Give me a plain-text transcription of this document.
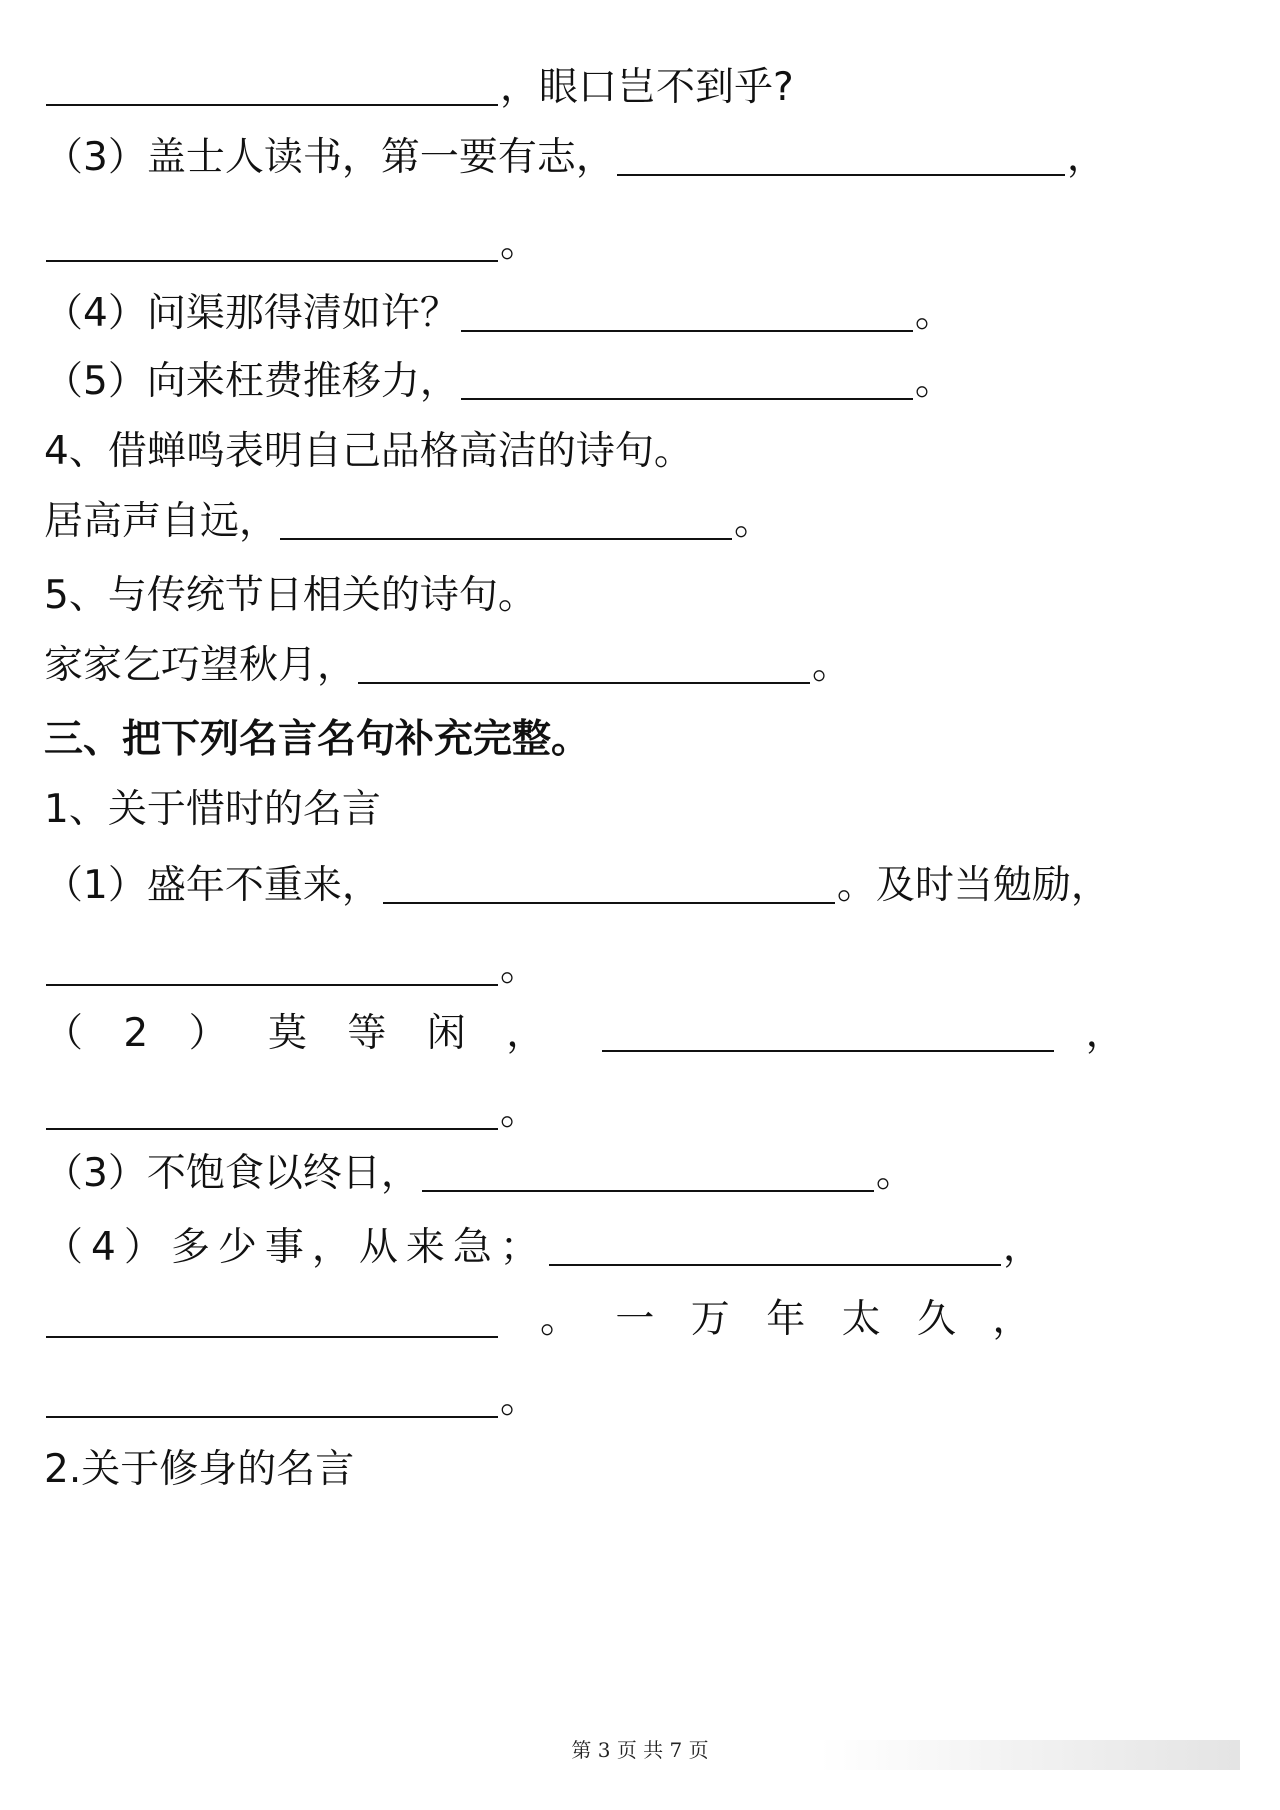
，眼口岂不到乎?
（3）盖士人读书，第一要有志，	，
。
（4）问渠那得清如许？	。
（5）向来枉费推移力，	。
4、借蝉鸣表明自己品格高洁的诗句。
居高声自远，	。
5、与传统节日相关的诗句。
家家乞巧望秋月，	。
三、把下列名言名句补充完整。
1、关于惜时的名言
（1）盛年不重来，	。及时当勉励，
。
（ 2 ） 莫 等 闲 ，	，
。
（3）不饱食以终日，	。
（4）多少事，从来急；	，
。 一 万 年 太 久 ，
。
2.关于修身的名言
第 3 页 共 7 页
